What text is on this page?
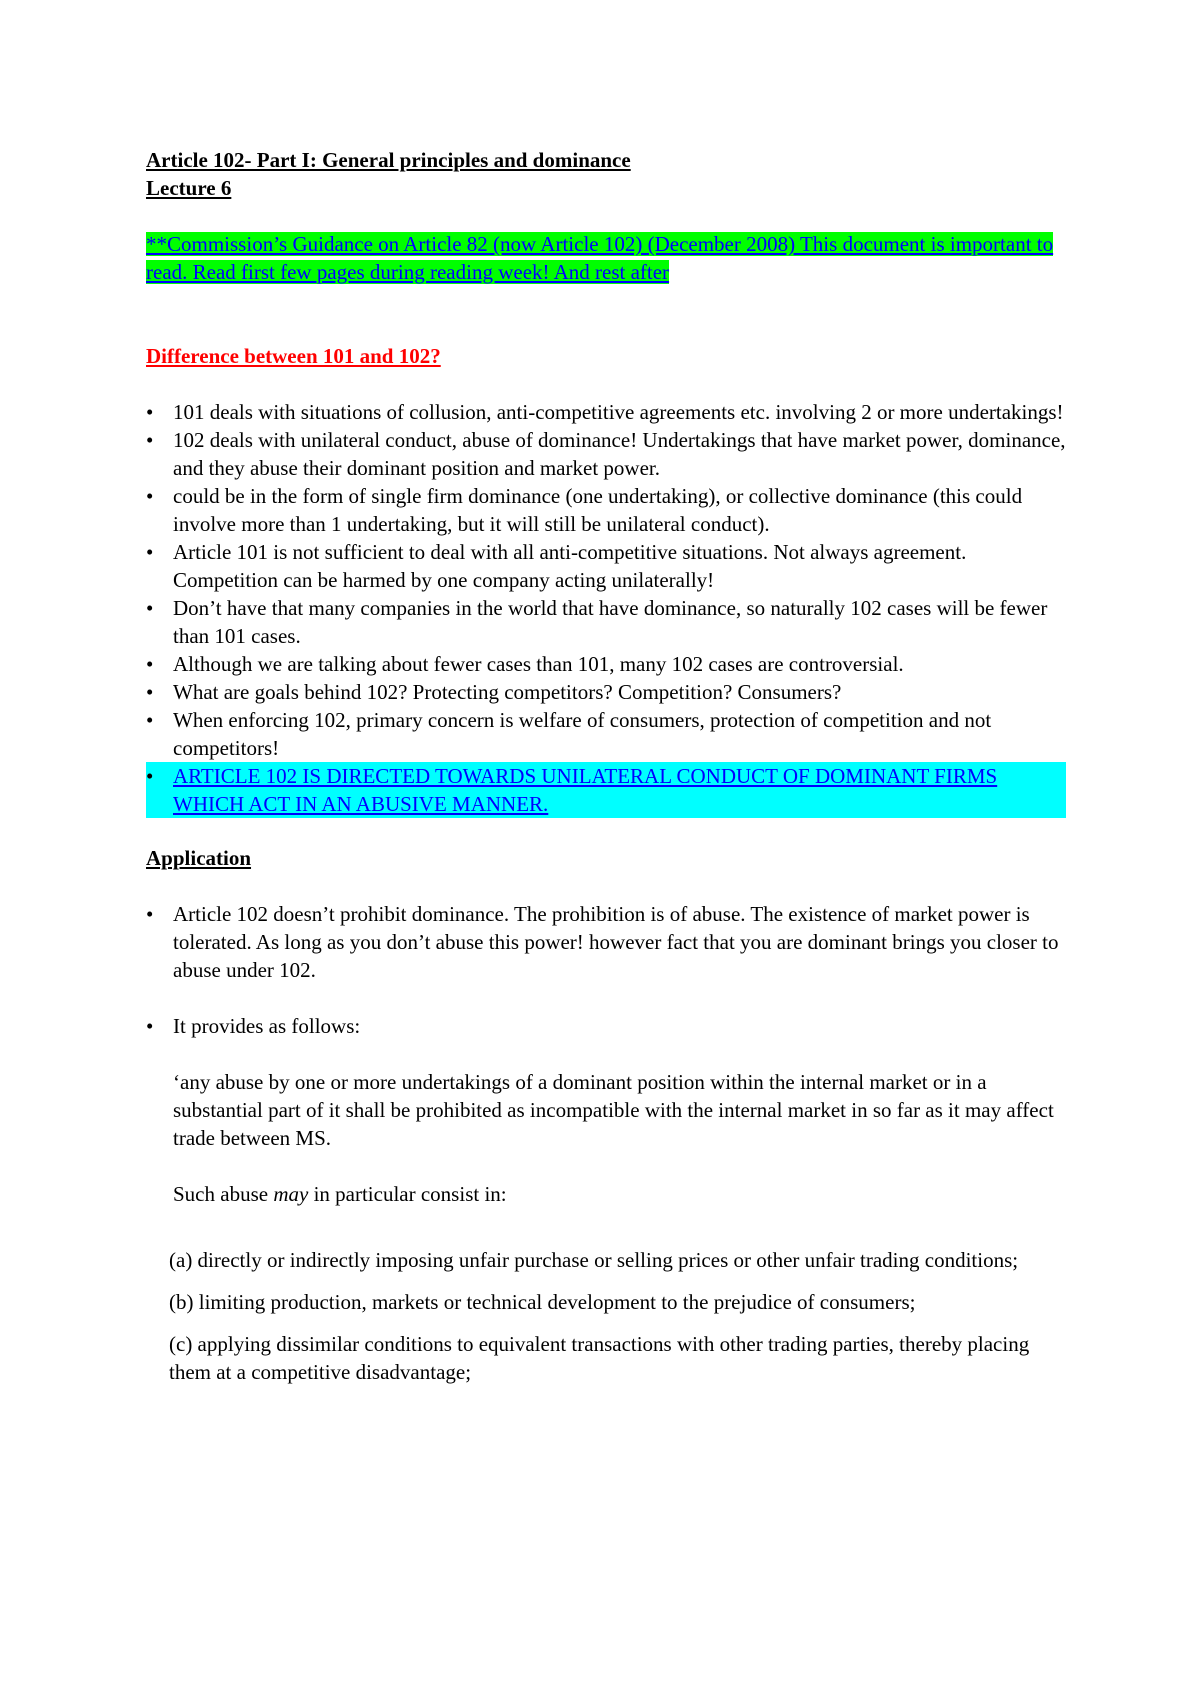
Article 102- Part I: General principles and dominance
Lecture 6
**Commission’s Guidance on Article 82 (now Article 102) (December 2008) This document is important to read. Read first few pages during reading week! And rest after
Difference between 101 and 102?
•
101 deals with situations of collusion, anti-competitive agreements etc. involving 2 or more undertakings!
•
102 deals with unilateral conduct, abuse of dominance! Undertakings that have market power, dominance, and they abuse their dominant position and market power.
•
could be in the form of single firm dominance (one undertaking), or collective dominance (this could involve more than 1 undertaking, but it will still be unilateral conduct).
•
Article 101 is not sufficient to deal with all anti-competitive situations. Not always agreement. Competition can be harmed by one company acting unilaterally!
•
Don’t have that many companies in the world that have dominance, so naturally 102 cases will be fewer than 101 cases.
•
Although we are talking about fewer cases than 101, many 102 cases are controversial.
•
What are goals behind 102? Protecting competitors? Competition? Consumers?
•
When enforcing 102, primary concern is welfare of consumers, protection of competition and not competitors!
•
ARTICLE 102 IS DIRECTED TOWARDS UNILATERAL CONDUCT OF DOMINANT FIRMS WHICH ACT IN AN ABUSIVE MANNER.
Application
•
Article 102 doesn’t prohibit dominance. The prohibition is of abuse. The existence of market power is tolerated. As long as you don’t abuse this power! however fact that you are dominant brings you closer to abuse under 102.
•
It provides as follows:
‘any abuse by one or more undertakings of a dominant position within the internal market or in a substantial part of it shall be prohibited as incompatible with the internal market in so far as it may affect trade between MS.
Such abuse may in particular consist in:
(a) directly or indirectly imposing unfair purchase or selling prices or other unfair trading conditions;
(b) limiting production, markets or technical development to the prejudice of consumers;
(c) applying dissimilar conditions to equivalent transactions with other trading parties, thereby placing them at a competitive disadvantage;
